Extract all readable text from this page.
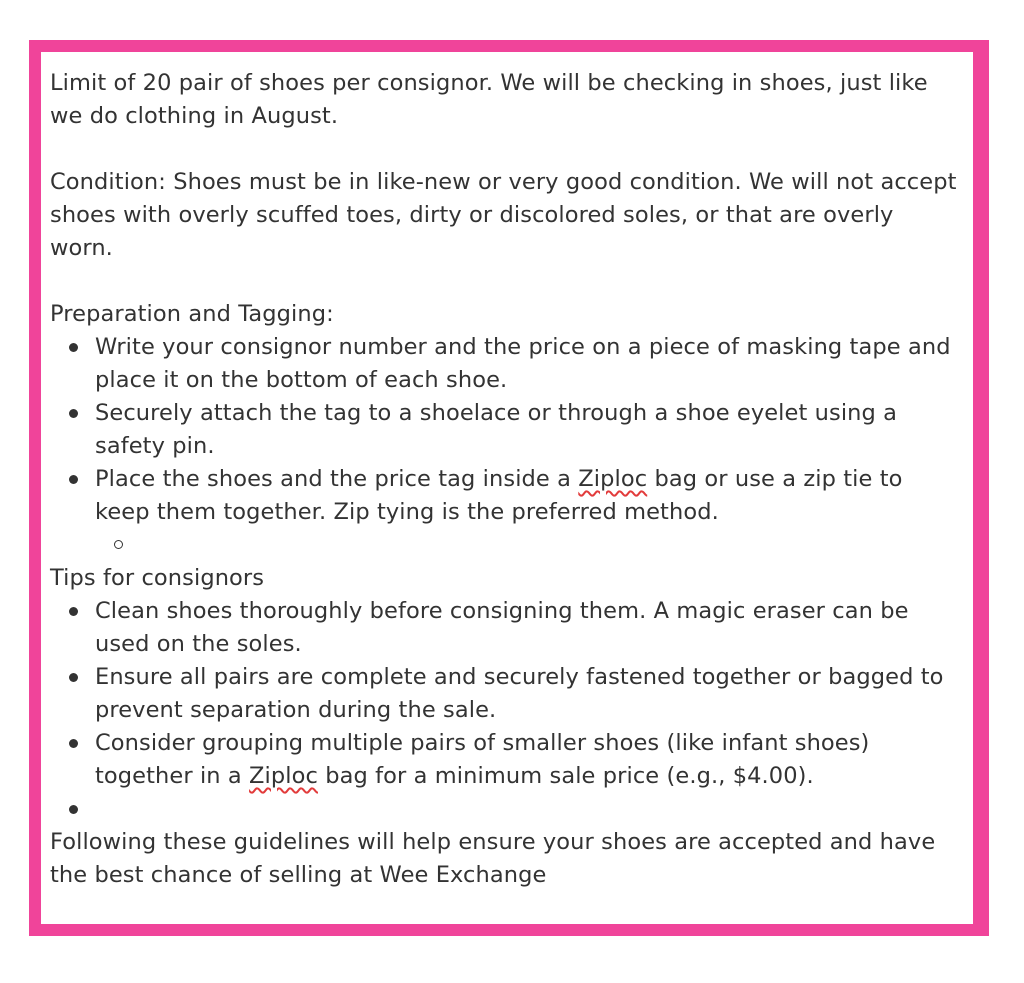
Limit of 20 pair of shoes per consignor. We will be checking in shoes, just like we do clothing in August.

Condition: Shoes must be in like-new or very good condition. We will not accept shoes with overly scuffed toes, dirty or discolored soles, or that are overly worn.

Preparation and Tagging:

Write your consignor number and the price on a piece of masking tape and place it on the bottom of each shoe.
Securely attach the tag to a shoelace or through a shoe eyelet using a safety pin.
Place the shoes and the price tag inside a Ziploc bag or use a zip tie to keep them together. Zip tying is the preferred method.

Tips for consignors

Clean shoes thoroughly before consigning them. A magic eraser can be used on the soles.
Ensure all pairs are complete and securely fastened together or bagged to prevent separation during the sale.
Consider grouping multiple pairs of smaller shoes (like infant shoes) together in a Ziploc bag for a minimum sale price (e.g., $4.00).

Following these guidelines will help ensure your shoes are accepted and have the best chance of selling at Wee Exchange
